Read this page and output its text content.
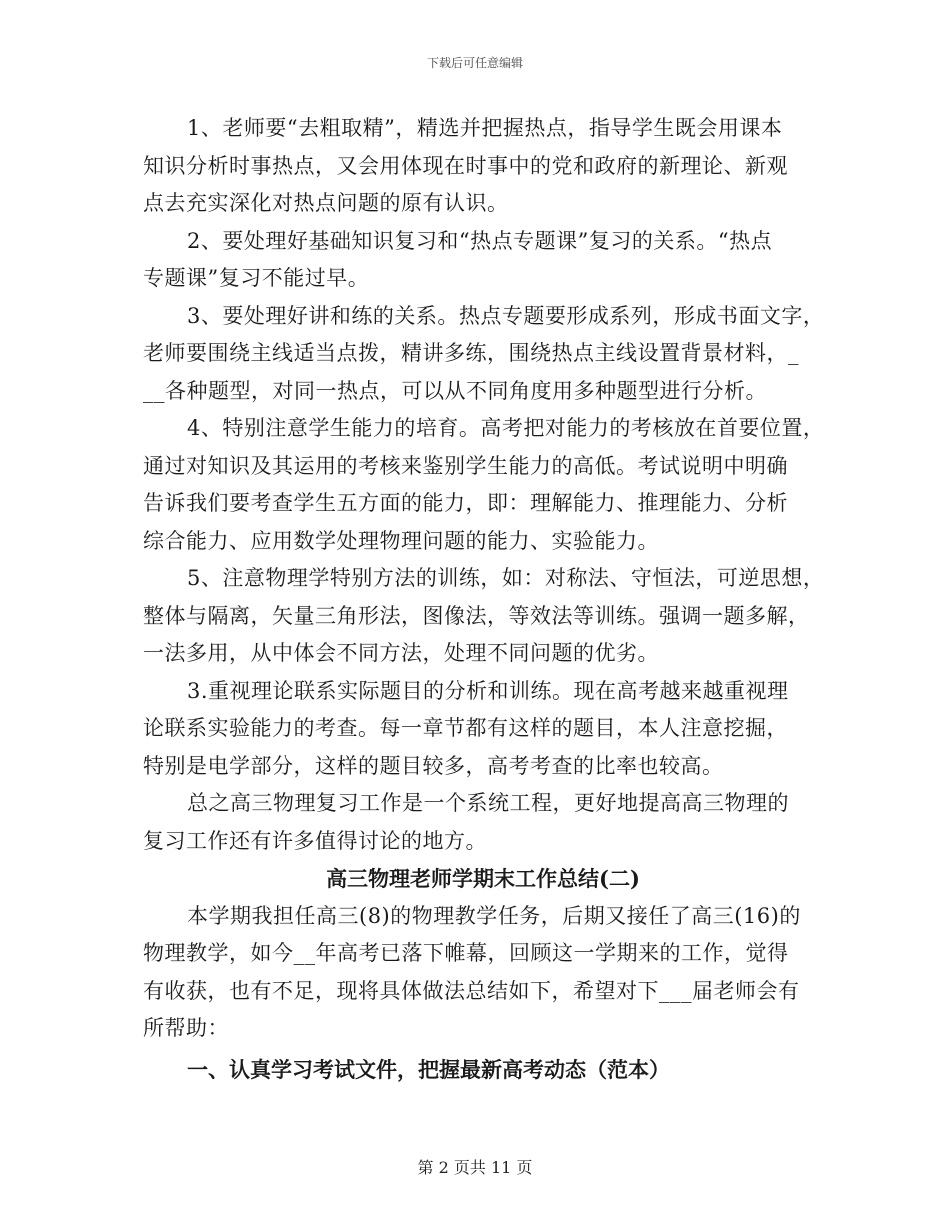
下载后可任意编辑
1、老师要“去粗取精”，精选并把握热点，指导学生既会用课本
知识分析时事热点，又会用体现在时事中的党和政府的新理论、新观
点去充实深化对热点问题的原有认识。
2、要处理好基础知识复习和“热点专题课”复习的关系。“热点
专题课”复习不能过早。
3、要处理好讲和练的关系。热点专题要形成系列，形成书面文字，
老师要围绕主线适当点拨，精讲多练，围绕热点主线设置背景材料，_
__各种题型，对同一热点，可以从不同角度用多种题型进行分析。
4、特别注意学生能力的培育。高考把对能力的考核放在首要位置，
通过对知识及其运用的考核来鉴别学生能力的高低。考试说明中明确
告诉我们要考查学生五方面的能力，即：理解能力、推理能力、分析
综合能力、应用数学处理物理问题的能力、实验能力。
5、注意物理学特别方法的训练，如：对称法、守恒法，可逆思想，
整体与隔离，矢量三角形法，图像法，等效法等训练。强调一题多解，
一法多用，从中体会不同方法，处理不同问题的优劣。
3.重视理论联系实际题目的分析和训练。现在高考越来越重视理
论联系实验能力的考查。每一章节都有这样的题目，本人注意挖掘，
特别是电学部分，这样的题目较多，高考考查的比率也较高。
总之高三物理复习工作是一个系统工程，更好地提高高三物理的
复习工作还有许多值得讨论的地方。
高三物理老师学期末工作总结(二)
本学期我担任高三(8)的物理教学任务，后期又接任了高三(16)的
物理教学，如今__年高考已落下帷幕，回顾这一学期来的工作，觉得
有收获，也有不足，现将具体做法总结如下，希望对下___届老师会有
所帮助：
一、认真学习考试文件，把握最新高考动态（范本）
第 2 页共 11 页
